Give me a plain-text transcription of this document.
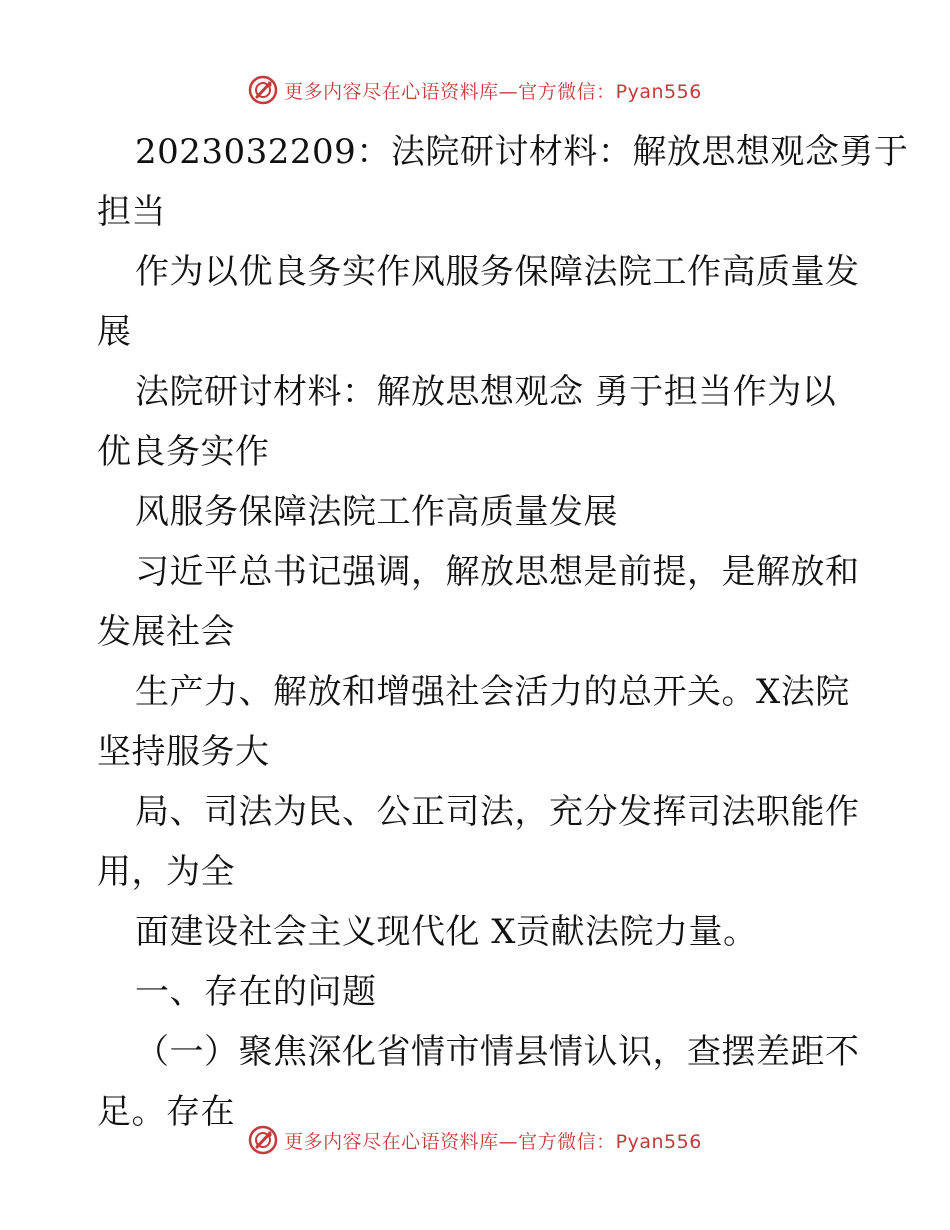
更多内容尽在心语资料库—官方微信：Pyan556
2023032209：法院研讨材料：解放思想观念勇于
担当
作为以优良务实作风服务保障法院工作高质量发
展
法院研讨材料：解放思想观念 勇于担当作为以
优良务实作
风服务保障法院工作高质量发展
习近平总书记强调，解放思想是前提，是解放和
发展社会
生产力、解放和增强社会活力的总开关。X法院
坚持服务大
局、司法为民、公正司法，充分发挥司法职能作
用，为全
面建设社会主义现代化 X贡献法院力量。
一、存在的问题
（一）聚焦深化省情市情县情认识，查摆差距不
足。存在
更多内容尽在心语资料库—官方微信：Pyan556
